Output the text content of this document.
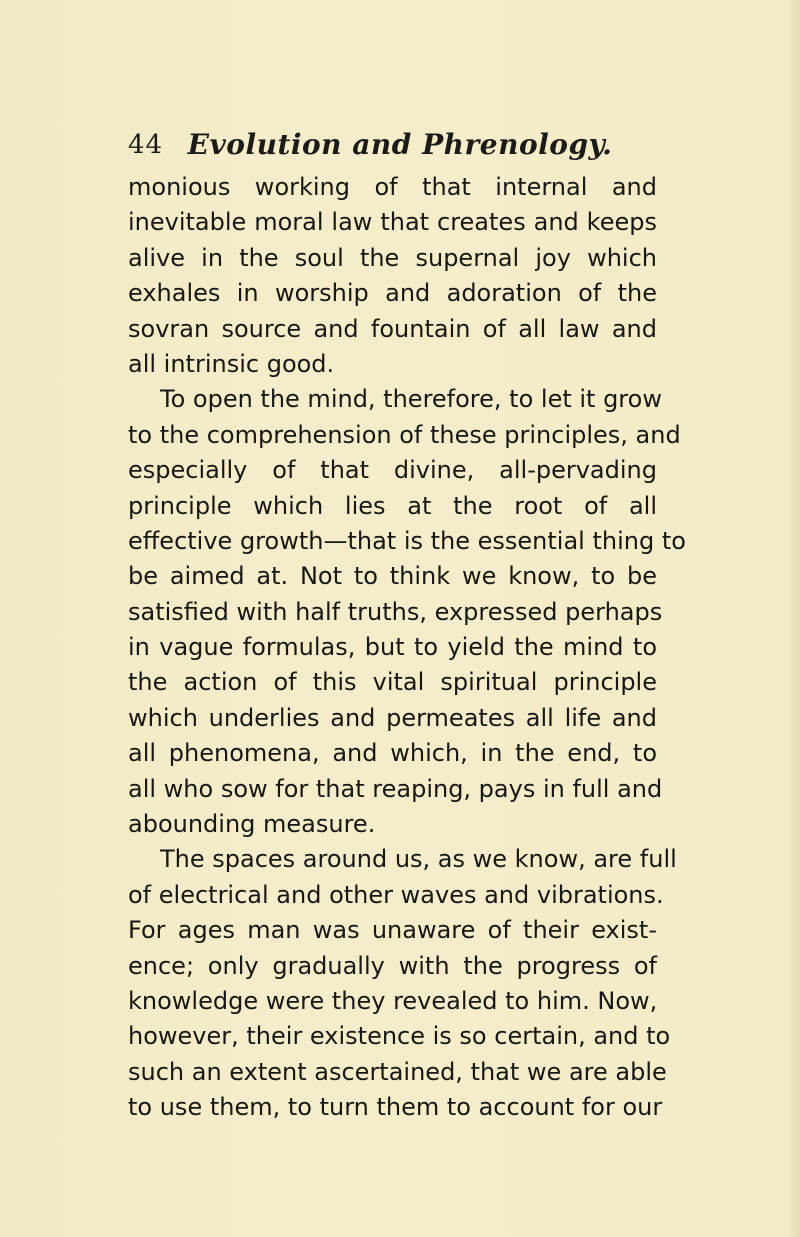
44 Evolution and Phrenology.
monious working of that internal and
inevitable moral law that creates and keeps
alive in the soul the supernal joy which
exhales in worship and adoration of the
sovran source and fountain of all law and
all intrinsic good.
To open the mind, therefore, to let it grow
to the comprehension of these principles, and
especially of that divine, all-pervading
principle which lies at the root of all
effective growth—that is the essential thing to
be aimed at. Not to think we know, to be
satisfied with half truths, expressed perhaps
in vague formulas, but to yield the mind to
the action of this vital spiritual principle
which underlies and permeates all life and
all phenomena, and which, in the end, to
all who sow for that reaping, pays in full and
abounding measure.
The spaces around us, as we know, are full
of electrical and other waves and vibrations.
For ages man was unaware of their exist-
ence; only gradually with the progress of
knowledge were they revealed to him. Now,
however, their existence is so certain, and to
such an extent ascertained, that we are able
to use them, to turn them to account for our
